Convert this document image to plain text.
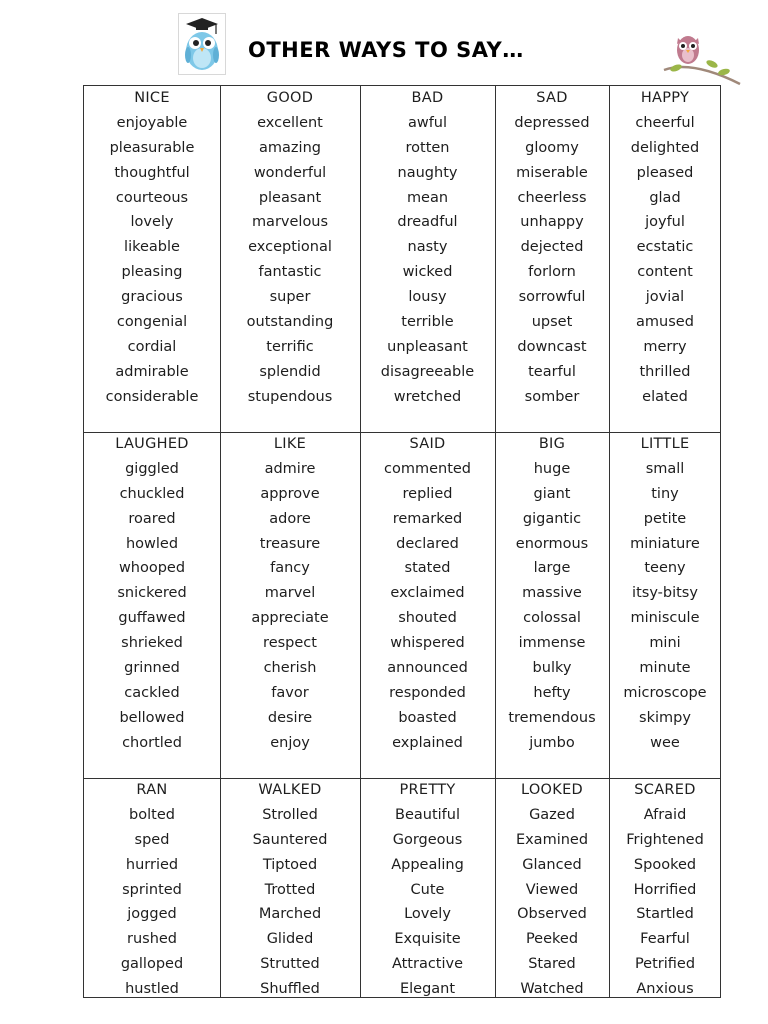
OTHER WAYS TO SAY…
NICE
enjoyable
pleasurable
thoughtful
courteous
lovely
likeable
pleasing
gracious
congenial
cordial
admirable
considerable
GOOD
excellent
amazing
wonderful
pleasant
marvelous
exceptional
fantastic
super
outstanding
terrific
splendid
stupendous
BAD
awful
rotten
naughty
mean
dreadful
nasty
wicked
lousy
terrible
unpleasant
disagreeable
wretched
SAD
depressed
gloomy
miserable
cheerless
unhappy
dejected
forlorn
sorrowful
upset
downcast
tearful
somber
HAPPY
cheerful
delighted
pleased
glad
joyful
ecstatic
content
jovial
amused
merry
thrilled
elated
LAUGHED
giggled
chuckled
roared
howled
whooped
snickered
guffawed
shrieked
grinned
cackled
bellowed
chortled
LIKE
admire
approve
adore
treasure
fancy
marvel
appreciate
respect
cherish
favor
desire
enjoy
SAID
commented
replied
remarked
declared
stated
exclaimed
shouted
whispered
announced
responded
boasted
explained
BIG
huge
giant
gigantic
enormous
large
massive
colossal
immense
bulky
hefty
tremendous
jumbo
LITTLE
small
tiny
petite
miniature
teeny
itsy-bitsy
miniscule
mini
minute
microscope
skimpy
wee
RAN
bolted
sped
hurried
sprinted
jogged
rushed
galloped
hustled
WALKED
Strolled
Sauntered
Tiptoed
Trotted
Marched
Glided
Strutted
Shuffled
PRETTY
Beautiful
Gorgeous
Appealing
Cute
Lovely
Exquisite
Attractive
Elegant
LOOKED
Gazed
Examined
Glanced
Viewed
Observed
Peeked
Stared
Watched
SCARED
Afraid
Frightened
Spooked
Horrified
Startled
Fearful
Petrified
Anxious
